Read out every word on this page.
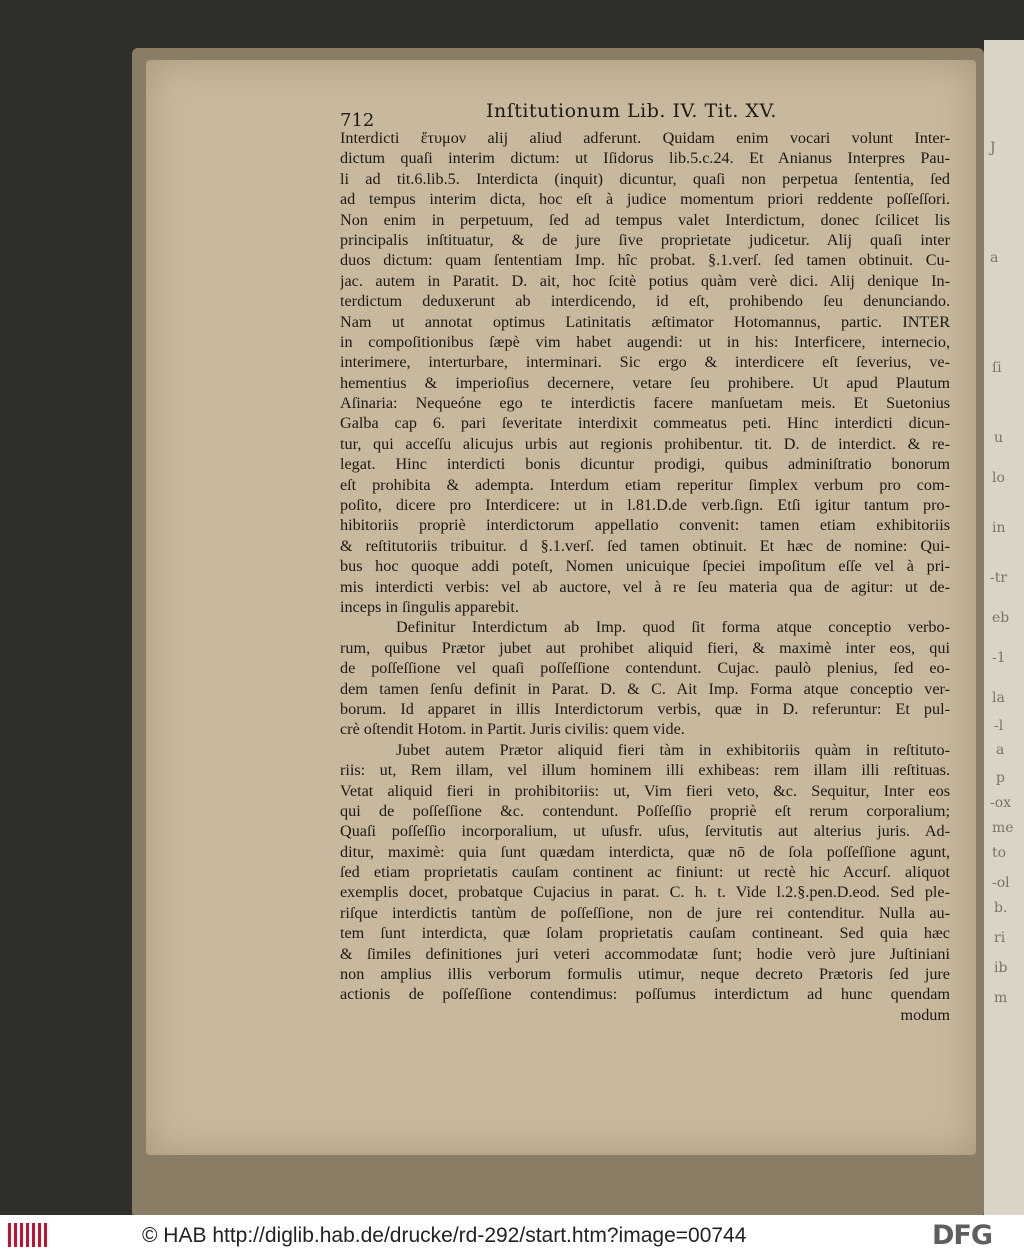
712	Inſtitutionum Lib. IV. Tit. XV.
Interdicti ἔτυμον alij aliud adferunt. Quidam enim vocari volunt Inter-
dictum quaſi interim dictum: ut Iſidorus lib.5.c.24. Et Anianus Interpres Pau-
li ad tit.6.lib.5. Interdicta (inquit) dicuntur, quaſi non perpetua ſententia, ſed
ad tempus interim dicta, hoc eſt à judice momentum priori reddente poſſeſſori.
Non enim in perpetuum, ſed ad tempus valet Interdictum, donec ſcilicet lis
principalis inſtituatur, & de jure ſive proprietate judicetur. Alij quaſi inter
duos dictum: quam ſententiam Imp. hîc probat. §.1.verſ. ſed tamen obtinuit. Cu-
jac. autem in Paratit. D. ait, hoc ſcitè potius quàm verè dici. Alij denique In-
terdictum deduxerunt ab interdicendo, id eſt, prohibendo ſeu denunciando.
Nam ut annotat optimus Latinitatis æſtimator Hotomannus, partic. INTER
in compoſitionibus ſæpè vim habet augendi: ut in his: Interficere, internecio,
interimere, interturbare, interminari. Sic ergo & interdicere eſt ſeverius, ve-
hementius & imperioſius decernere, vetare ſeu prohibere. Ut apud Plautum
Aſinaria: Nequeóne ego te interdictis facere manſuetam meis. Et Suetonius
Galba cap 6. pari ſeveritate interdixit commeatus peti. Hinc interdicti dicun-
tur, qui acceſſu alicujus urbis aut regionis prohibentur. tit. D. de interdict. & re-
legat. Hinc interdicti bonis dicuntur prodigi, quibus adminiſtratio bonorum
eſt prohibita & adempta. Interdum etiam reperitur ſimplex verbum pro com-
poſito, dicere pro Interdicere: ut in l.81.D.de verb.ſign. Etſi igitur tantum pro-
hibitoriis propriè interdictorum appellatio convenit: tamen etiam exhibitoriis
& reſtitutoriis tribuitur. d §.1.verſ. ſed tamen obtinuit. Et hæc de nomine: Qui-
bus hoc quoque addi poteſt, Nomen unicuique ſpeciei impoſitum eſſe vel à pri-
mis interdicti verbis: vel ab auctore, vel à re ſeu materia qua de agitur: ut de-
inceps in ſingulis apparebit.
Definitur Interdictum ab Imp. quod ſit forma atque conceptio verbo-
rum, quibus Prætor jubet aut prohibet aliquid fieri, & maximè inter eos, qui
de poſſeſſione vel quaſi poſſeſſione contendunt. Cujac. paulò plenius, ſed eo-
dem tamen ſenſu definit in Parat. D. & C. Ait Imp. Forma atque conceptio ver-
borum. Id apparet in illis Interdictorum verbis, quæ in D. referuntur: Et pul-
crè oſtendit Hotom. in Partit. Juris civilis: quem vide.
Jubet autem Prætor aliquid fieri tàm in exhibitoriis quàm in reſtituto-
riis: ut, Rem illam, vel illum hominem illi exhibeas: rem illam illi reſtituas.
Vetat aliquid fieri in prohibitoriis: ut, Vim fieri veto, &c. Sequitur, Inter eos
qui de poſſeſſione &c. contendunt. Poſſeſſio propriè eſt rerum corporalium;
Quaſi poſſeſſio incorporalium, ut uſusfr. uſus, ſervitutis aut alterius juris. Ad-
ditur, maximè: quia ſunt quædam interdicta, quæ nō de ſola poſſeſſione agunt,
ſed etiam proprietatis cauſam continent ac finiunt: ut rectè hic Accurſ. aliquot
exemplis docet, probatque Cujacius in parat. C. h. t. Vide l.2.§.pen.D.eod. Sed ple-
riſque interdictis tantùm de poſſeſſione, non de jure rei contenditur. Nulla au-
tem ſunt interdicta, quæ ſolam proprietatis cauſam contineant. Sed quia hæc
& ſimiles definitiones juri veteri accommodatæ ſunt; hodie verò jure Juſtiniani
non amplius illis verborum formulis utimur, neque decreto Prætoris ſed jure
actionis de poſſeſſione contendimus: poſſumus interdictum ad hunc quendam
modum
J
a
ſi
u
lo
in
-tr
eb
-1
la
-l
a
p
-ox
me
to
-ol
b.
ri
ib
m
© HAB http://diglib.hab.de/drucke/rd-292/start.htm?image=00744	DFG
